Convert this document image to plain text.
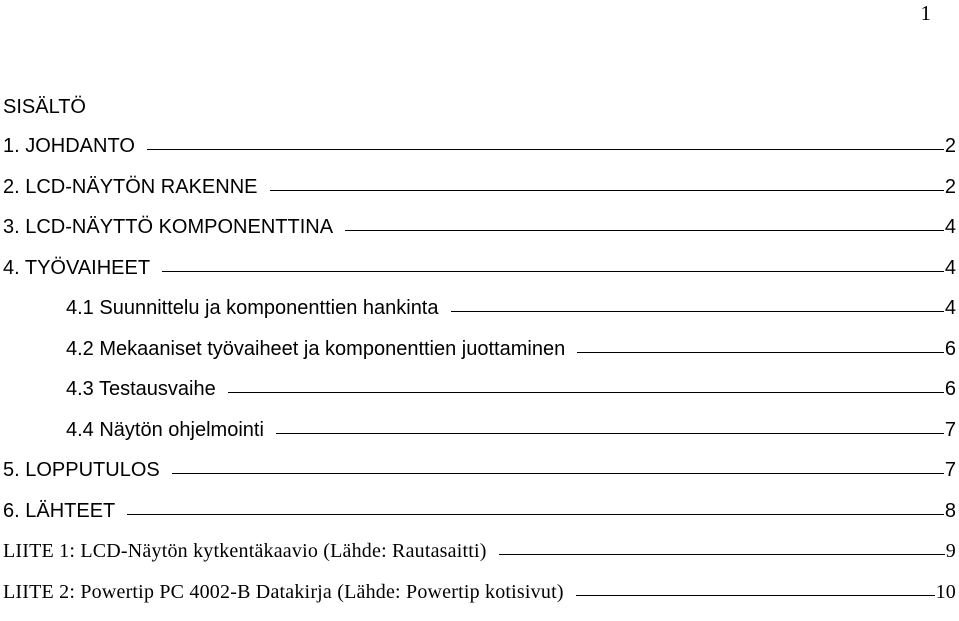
1
SISÄLTÖ
1. JOHDANTO	2
2. LCD-NÄYTÖN RAKENNE	2
3. LCD-NÄYTTÖ KOMPONENTTINA	4
4. TYÖVAIHEET	4
4.1 Suunnittelu ja komponenttien hankinta	4
4.2 Mekaaniset työvaiheet ja komponenttien juottaminen	6
4.3 Testausvaihe	6
4.4 Näytön ohjelmointi	7
5. LOPPUTULOS	7
6. LÄHTEET	8
LIITE 1: LCD-Näytön kytkentäkaavio (Lähde: Rautasaitti)	9
LIITE 2: Powertip PC 4002-B Datakirja (Lähde: Powertip kotisivut)	10
